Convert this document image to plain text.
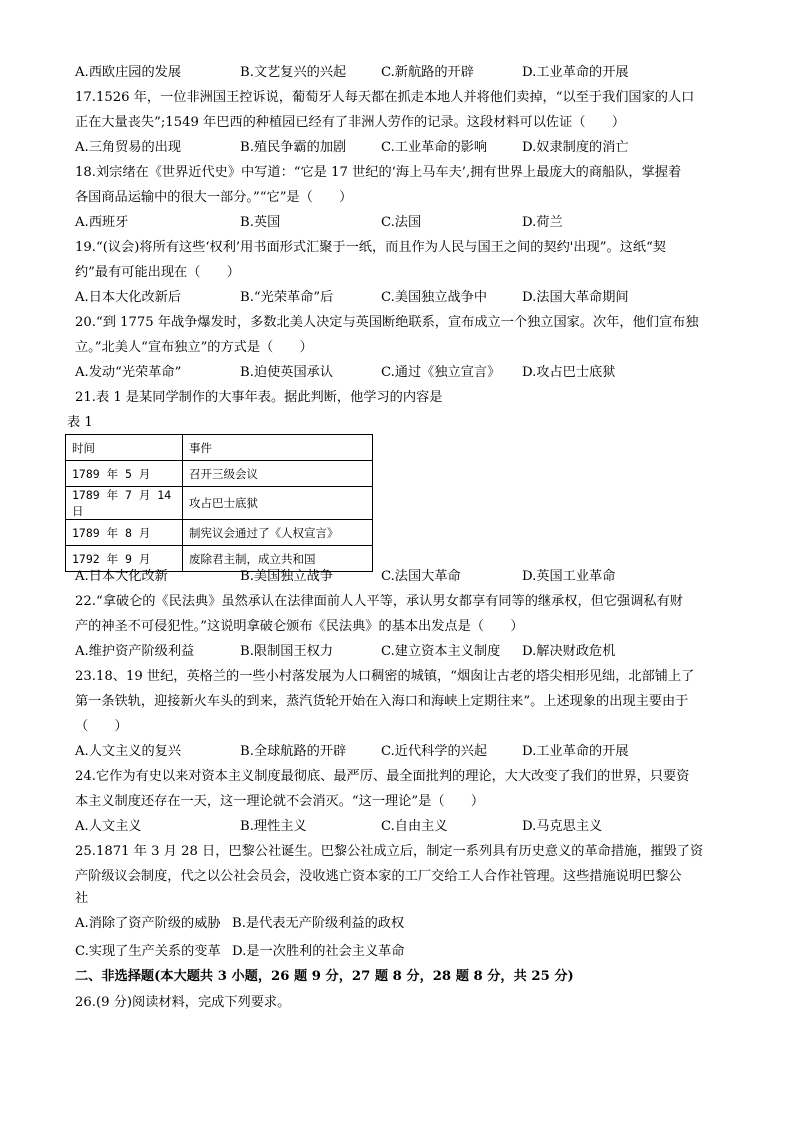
A.西欧庄园的发展	B.文艺复兴的兴起	C.新航路的开辟	D.工业革命的开展
17.1526 年，一位非洲国王控诉说，葡萄牙人每天都在抓走本地人并将他们卖掉，“以至于我们国家的人口
正在大量丧失”;1549 年巴西的种植园已经有了非洲人劳作的记录。这段材料可以佐证（　　）
A.三角贸易的出现	B.殖民争霸的加剧	C.工业革命的影响	D.奴隶制度的消亡
18.刘宗绪在《世界近代史》中写道：“它是 17 世纪的‘海上马车夫’,拥有世界上最庞大的商船队，掌握着
各国商品运输中的很大一部分。”“它”是（　　）
A.西班牙	B.英国	C.法国	D.荷兰
19.“(议会)将所有这些‘权利’用书面形式汇聚于一纸，而且作为人民与国王之间的契约'出现”。这纸“契
约”最有可能出现在（　　）
A.日本大化改新后	B.“光荣革命”后	C.美国独立战争中	D.法国大革命期间
20.“到 1775 年战争爆发时，多数北美人决定与英国断绝联系，宣布成立一个独立国家。次年，他们宣布独
立。”北美人“宣布独立”的方式是（　　）
A.发动“光荣革命”	B.迫使英国承认	C.通过《独立宣言》 D.攻占巴士底狱
21.表 1 是某同学制作的大事年表。据此判断，他学习的内容是
表 1
时间	事件
1789 年 5 月	召开三级会议
1789 年 7 月 14 日	攻占巴士底狱
1789 年 8 月	制宪议会通过了《人权宣言》
1792 年 9 月	废除君主制，成立共和国
A.日本大化改新	B.美国独立战争	C.法国大革命	D.英国工业革命
22.“拿破仑的《民法典》虽然承认在法律面前人人平等，承认男女都享有同等的继承权，但它强调私有财
产的神圣不可侵犯性。”这说明拿破仑颁布《民法典》的基本出发点是（　　）
A.维护资产阶级利益	B.限制国王权力	C.建立资本主义制度 D.解决财政危机
23.18、19 世纪，英格兰的一些小村落发展为人口稠密的城镇，“烟囱让古老的塔尖相形见绌，北部铺上了
第一条铁轨，迎接新火车头的到来，蒸汽货轮开始在入海口和海峡上定期往来”。上述现象的出现主要由于
（　　）
A.人文主义的复兴	B.全球航路的开辟	C.近代科学的兴起	D.工业革命的开展
24.它作为有史以来对资本主义制度最彻底、最严厉、最全面批判的理论，大大改变了我们的世界，只要资
本主义制度还存在一天，这一理论就不会消灭。“这一理论”是（　　）
A.人文主义	B.理性主义	C.自由主义	D.马克思主义
25.1871 年 3 月 28 日，巴黎公社诞生。巴黎公社成立后，制定一系列具有历史意义的革命措施，摧毁了资
产阶级议会制度，代之以公社会员会，没收逃亡资本家的工厂交给工人合作社管理。这些措施说明巴黎公
社
A.消除了资产阶级的威胁 B.是代表无产阶级利益的政权
C.实现了生产关系的变革 D.是一次胜利的社会主义革命
二、非选择题(本大题共 3 小题，26 题 9 分，27 题 8 分，28 题 8 分，共 25 分)
26.(9 分)阅读材料，完成下列要求。
